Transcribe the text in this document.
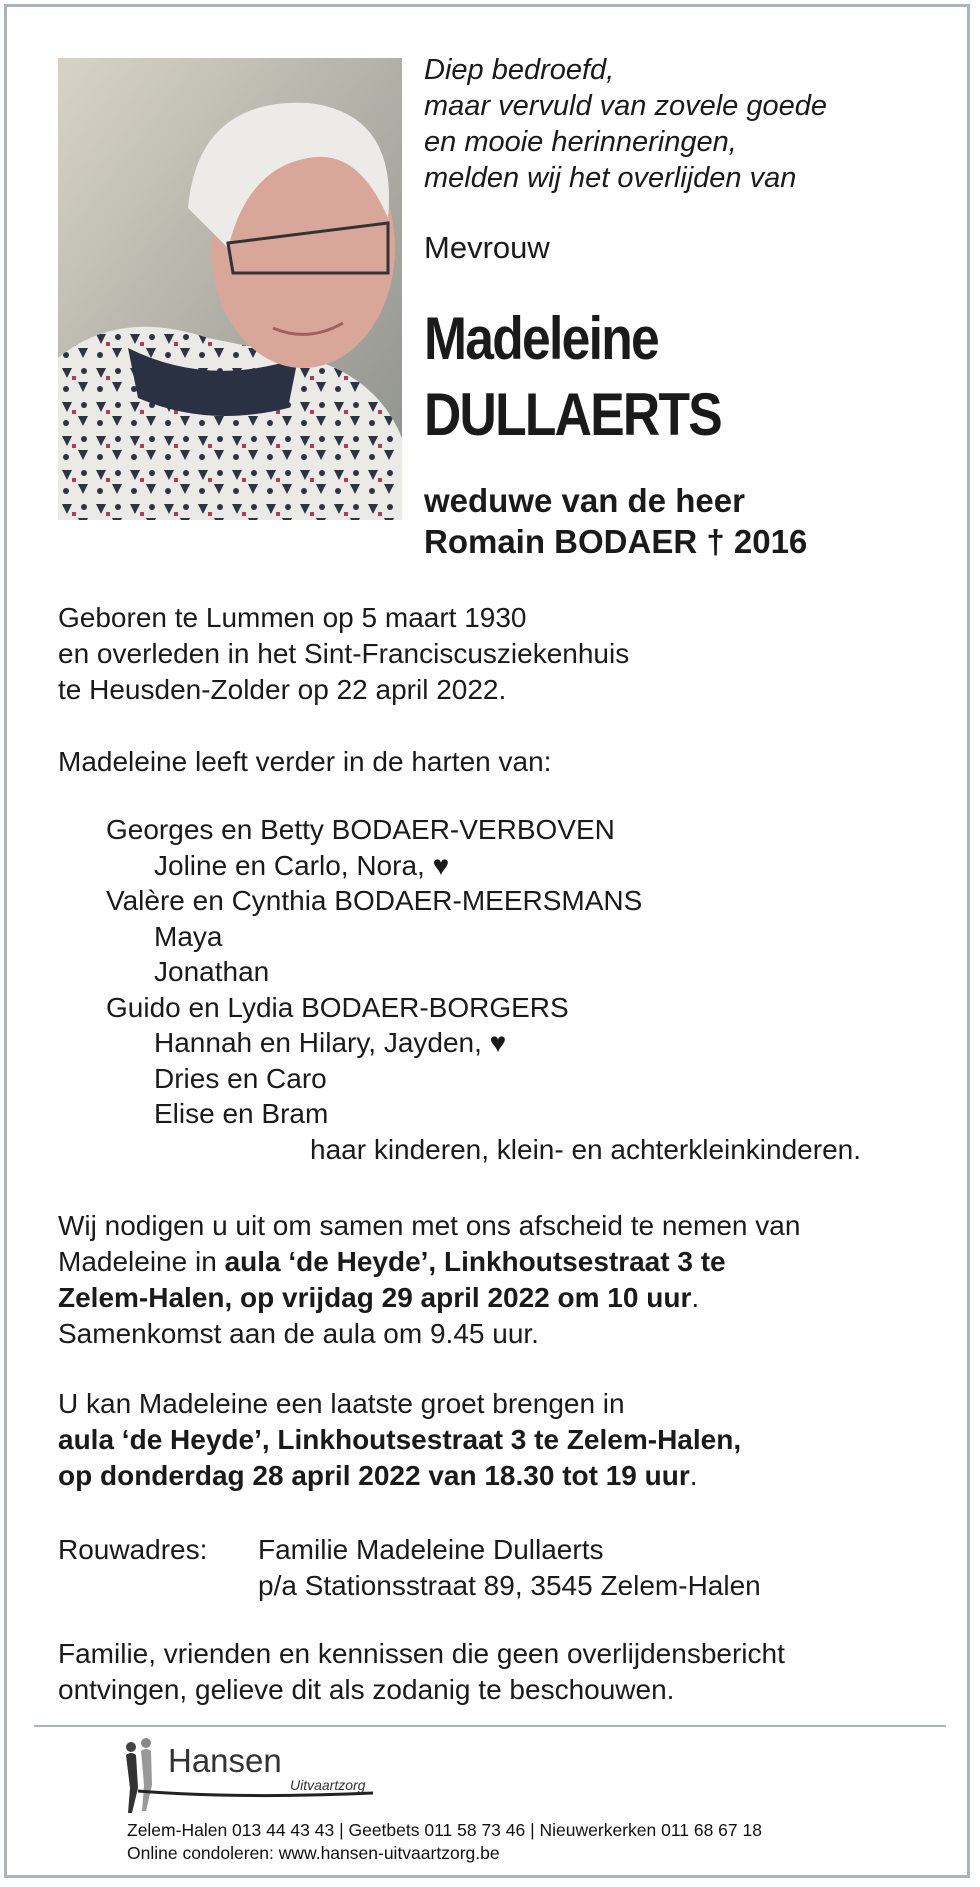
Diep bedroefd,
maar vervuld van zovele goede
en mooie herinneringen,
melden wij het overlijden van
Mevrouw
Madeleine
DULLAERTS
weduwe van de heer
Romain BODAER † 2016
Geboren te Lummen op 5 maart 1930
en overleden in het Sint-Franciscusziekenhuis
te Heusden-Zolder op 22 april 2022.
Madeleine leeft verder in de harten van:
Georges en Betty BODAER-VERBOVEN
Joline en Carlo, Nora, ♥
Valère en Cynthia BODAER-MEERSMANS
Maya
Jonathan
Guido en Lydia BODAER-BORGERS
Hannah en Hilary, Jayden, ♥
Dries en Caro
Elise en Bram
haar kinderen, klein- en achterkleinkinderen.
Wij nodigen u uit om samen met ons afscheid te nemen van
Madeleine in aula ‘de Heyde’, Linkhoutsestraat 3 te
Zelem-Halen, op vrijdag 29 april 2022 om 10 uur.
Samenkomst aan de aula om 9.45 uur.
U kan Madeleine een laatste groet brengen in
aula ‘de Heyde’, Linkhoutsestraat 3 te Zelem-Halen,
op donderdag 28 april 2022 van 18.30 tot 19 uur.
Rouwadres:	Familie Madeleine Dullaerts
p/a Stationsstraat 89, 3545 Zelem-Halen
Familie, vrienden en kennissen die geen overlijdensbericht
ontvingen, gelieve dit als zodanig te beschouwen.
Hansen
Uitvaartzorg
Zelem-Halen 013 44 43 43 | Geetbets 011 58 73 46 | Nieuwerkerken 011 68 67 18
Online condoleren: www.hansen-uitvaartzorg.be
